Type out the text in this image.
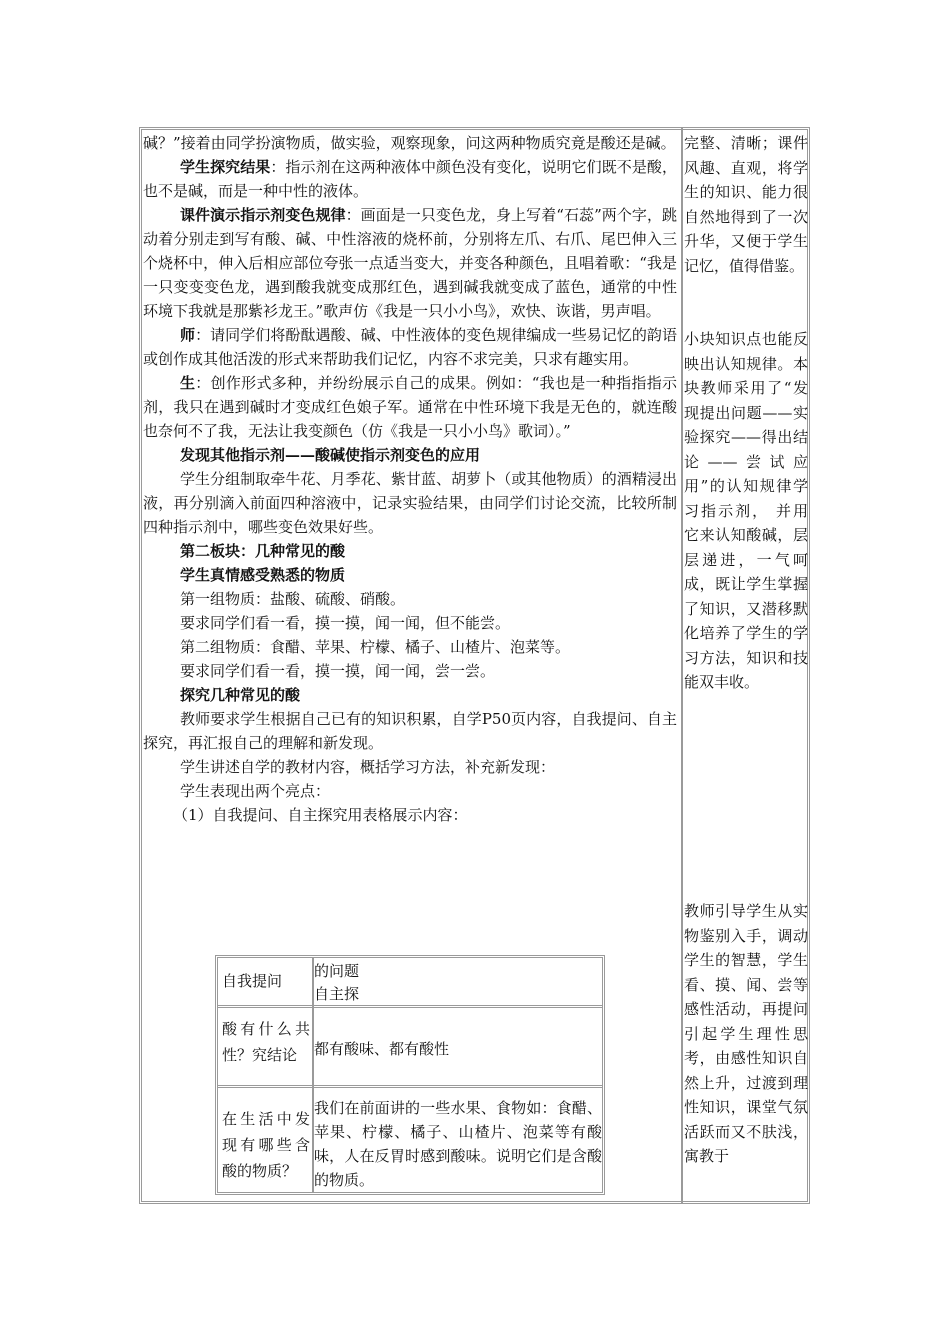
碱？”接着由同学扮演物质，做实验，观察现象，问这两种物质究竟是酸还是碱。

学生探究结果：指示剂在这两种液体中颜色没有变化，说明它们既不是酸，也不是碱，而是一种中性的液体。

课件演示指示剂变色规律：画面是一只变色龙，身上写着“石蕊”两个字，跳动着分别走到写有酸、碱、中性溶液的烧杯前，分别将左爪、右爪、尾巴伸入三个烧杯中，伸入后相应部位夸张一点适当变大，并变各种颜色，且唱着歌：“我是一只变变变色龙，遇到酸我就变成那红色，遇到碱我就变成了蓝色，通常的中性环境下我就是那紫衫龙王。”歌声仿《我是一只小小鸟》，欢快、诙谐，男声唱。

师：请同学们将酚酞遇酸、碱、中性液体的变色规律编成一些易记忆的韵语或创作成其他活泼的形式来帮助我们记忆，内容不求完美，只求有趣实用。

生：创作形式多种，并纷纷展示自己的成果。例如：“我也是一种指指指示剂，我只在遇到碱时才变成红色娘子军。通常在中性环境下我是无色的，就连酸也奈何不了我，无法让我变颜色（仿《我是一只小小鸟》歌词）。”

发现其他指示剂——酸碱使指示剂变色的应用

学生分组制取牵牛花、月季花、紫甘蓝、胡萝卜（或其他物质）的酒精浸出液，再分别滴入前面四种溶液中，记录实验结果，由同学们讨论交流，比较所制四种指示剂中，哪些变色效果好些。

第二板块：几种常见的酸

学生真情感受熟悉的物质

第一组物质：盐酸、硫酸、硝酸。

要求同学们看一看，摸一摸，闻一闻，但不能尝。

第二组物质：食醋、苹果、柠檬、橘子、山楂片、泡菜等。

要求同学们看一看，摸一摸，闻一闻，尝一尝。

探究几种常见的酸

教师要求学生根据自己已有的知识积累，自学P50页内容，自我提问、自主探究，再汇报自己的理解和新发现。

学生讲述自学的教材内容，概括学习方法，补充新发现：

学生表现出两个亮点：

（1）自我提问、自主探究用表格展示内容：

自我提问
的问题
自主探
酸有什么共性？究结论	都有酸味、都有酸性
在生活中发现有哪些含酸的物质？
我们在前面讲的一些水果、食物如：食醋、苹果、柠檬、橘子、山楂片、泡菜等有酸味，人在反胃时感到酸味。说明它们是含酸的物质。
完整、清晰；课件风趣、直观，将学生的知识、能力很自然地得到了一次升华，又便于学生记忆，值得借鉴。
小块知识点也能反映出认知规律。本块教师采用了“发现提出问题——实验探究——得出结论——尝试应用”的认知规律学习指示剂， 并用它来认知酸碱，层层递进，一气呵成，既让学生掌握了知识，又潜移默化培养了学生的学习方法，知识和技能双丰收。
教师引导学生从实物鉴别入手，调动学生的智慧，学生看、摸、闻、尝等感性活动，再提问引起学生理性思考，由感性知识自然上升，过渡到理性知识，课堂气氛活跃而又不肤浅，寓教于
